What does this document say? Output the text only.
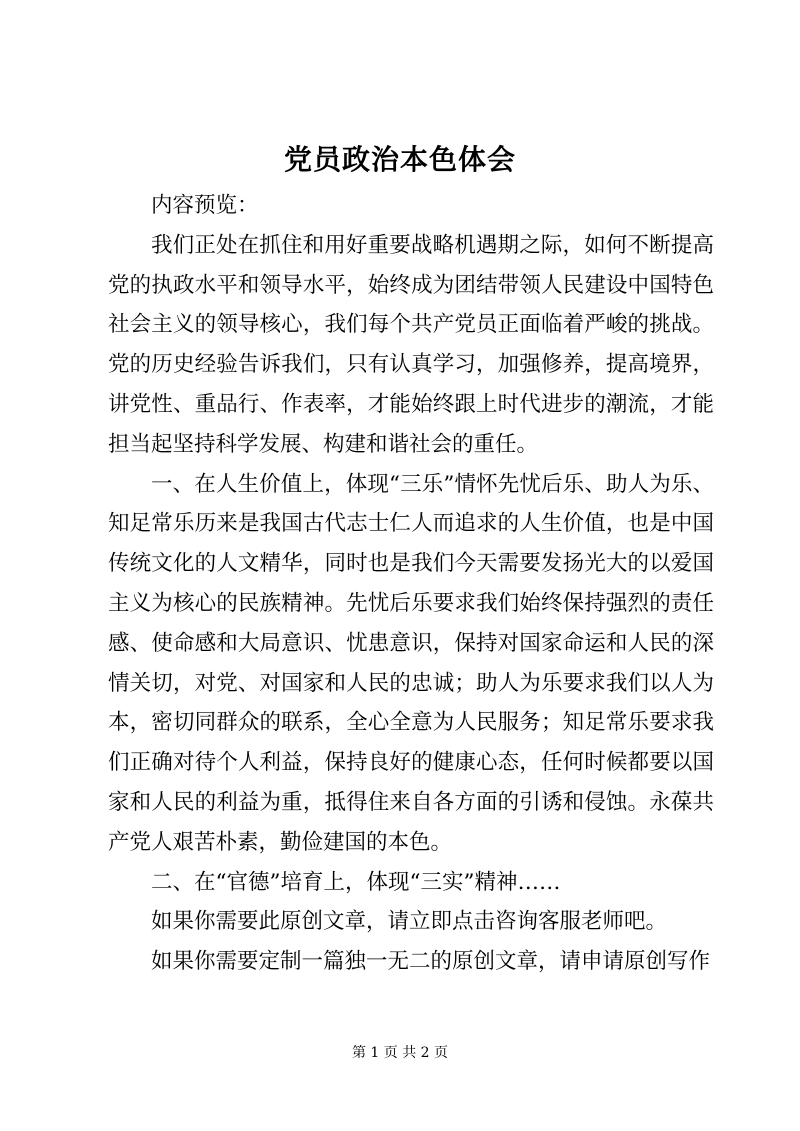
党员政治本色体会

内容预览：

我们正处在抓住和用好重要战略机遇期之际，如何不断提高党的执政水平和领导水平，始终成为团结带领人民建设中国特色社会主义的领导核心，我们每个共产党员正面临着严峻的挑战。党的历史经验告诉我们，只有认真学习，加强修养，提高境界，讲党性、重品行、作表率，才能始终跟上时代进步的潮流，才能担当起坚持科学发展、构建和谐社会的重任。

一、在人生价值上，体现“三乐”情怀先忧后乐、助人为乐、知足常乐历来是我国古代志士仁人而追求的人生价值，也是中国传统文化的人文精华，同时也是我们今天需要发扬光大的以爱国主义为核心的民族精神。先忧后乐要求我们始终保持强烈的责任感、使命感和大局意识、忧患意识，保持对国家命运和人民的深情关切，对党、对国家和人民的忠诚；助人为乐要求我们以人为本，密切同群众的联系，全心全意为人民服务；知足常乐要求我们正确对待个人利益，保持良好的健康心态，任何时候都要以国家和人民的利益为重，抵得住来自各方面的引诱和侵蚀。永葆共产党人艰苦朴素，勤俭建国的本色。

二、在“官德”培育上，体现“三实”精神……

如果你需要此原创文章，请立即点击咨询客服老师吧。

如果你需要定制一篇独一无二的原创文章，请申请原创写作

第 1 页 共 2 页
